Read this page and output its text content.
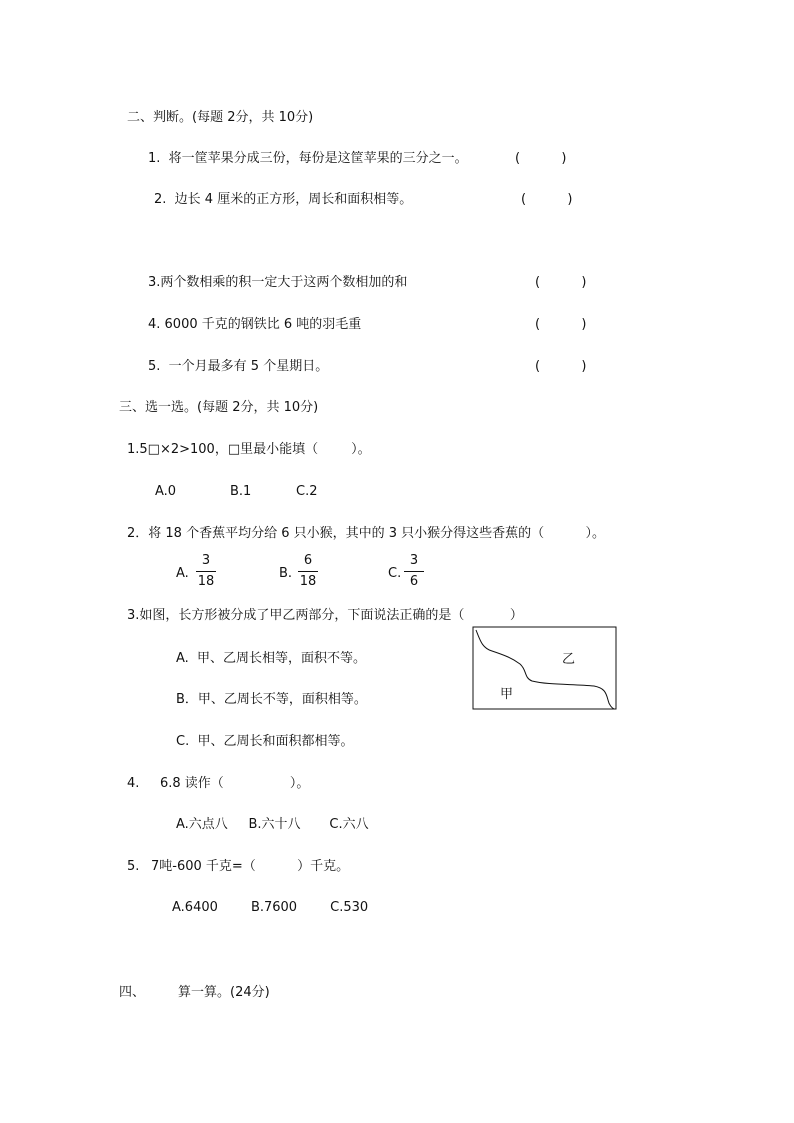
二、判断。(每题 2分，共 10分)
1.  将一筐苹果分成三份，每份是这筐苹果的三分之一。	(          )
2.  边长 4 厘米的正方形，周长和面积相等。	(          )
3.两个数相乘的积一定大于这两个数相加的和	(          )
4. 6000 千克的钢铁比 6 吨的羽毛重	(          )
5.  一个月最多有 5 个星期日。	(          )
三、选一选。(每题 2分，共 10分)
1.5□×2>100，□里最小能填（        ）。
A.0	B.1	C.2
2．将 18 个香蕉平均分给 6 只小猴，其中的 3 只小猴分得这些香蕉的（          ）。
A.
3
18
B.
6
18
C.
3
6
3.如图，长方形被分成了甲乙两部分，下面说法正确的是（           ）
A.  甲、乙周长相等，面积不等。
B．甲、乙周长不等，面积相等。
C.  甲、乙周长和面积都相等。
乙
甲
4. 6.8 读作（                ）。
A.六点八     B.六十八       C.六八
5. 7吨-600 千克=（          ）千克。
A.6400        B.7600        C.530
四、        算一算。(24分)
